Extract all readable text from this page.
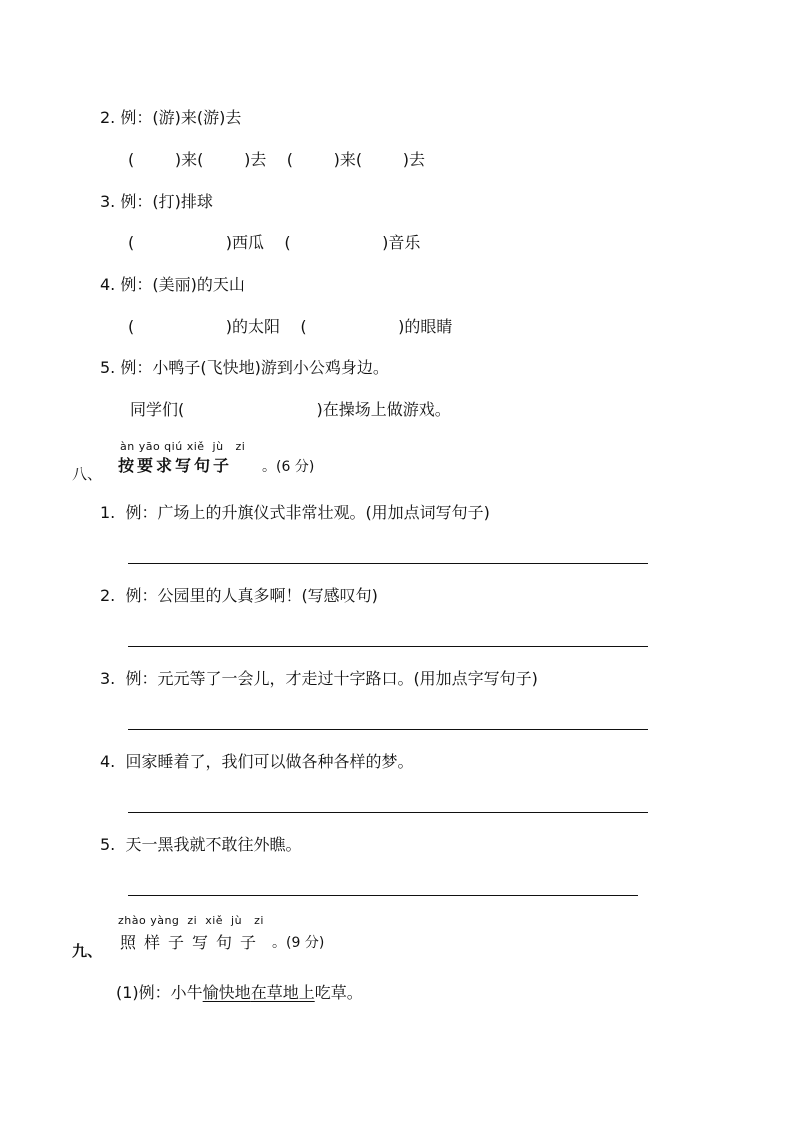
2. 例：(游)来(游)去
(        )来(        )去    (        )来(        )去
3. 例：(打)排球
(                  )西瓜    (                  )音乐
4. 例：(美丽)的天山
(                  )的太阳    (                  )的眼睛
5. 例：小鸭子(飞快地)游到小公鸡身边。
同学们(                          )在操场上做游戏。
àn yāo qiú xiě  jù   zi
八、 按要求写句子 。(6 分)
1.  例：广场上的升旗仪式非常壮观。(用加点词写句子)
2.  例：公园里的人真多啊！(写感叹句)
3.  例：元元等了一会儿，才走过十字路口。(用加点字写句子)
4.  回家睡着了，我们可以做各种各样的梦。
5.  天一黑我就不敢往外瞧。
zhào yàng  zi  xiě  jù   zi
九、 照样子写句子 。(9 分)
(1)例：小牛愉快地在草地上吃草。
